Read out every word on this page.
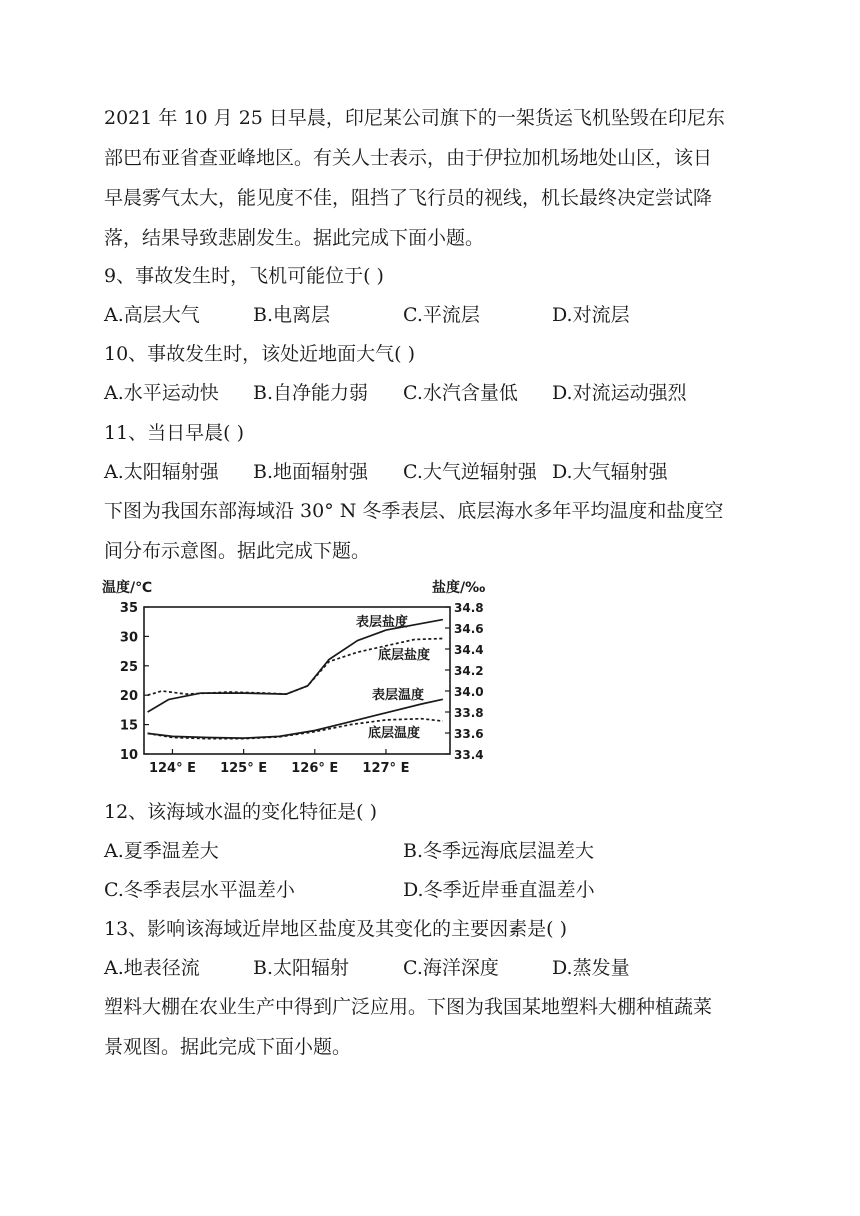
2021 年 10 月 25 日早晨，印尼某公司旗下的一架货运飞机坠毁在印尼东
部巴布亚省查亚峰地区。有关人士表示，由于伊拉加机场地处山区，该日
早晨雾气太大，能见度不佳，阻挡了飞行员的视线，机长最终决定尝试降
落，结果导致悲剧发生。据此完成下面小题。
9、事故发生时，飞机可能位于( )
A.高层大气	B.电离层	C.平流层	D.对流层
10、事故发生时，该处近地面大气( )
A.水平运动快 B.自净能力弱 C.水汽含量低 D.对流运动强烈
11、当日早晨( )
A.太阳辐射强 B.地面辐射强 C.大气逆辐射强 D.大气辐射强
下图为我国东部海域沿 30° N 冬季表层、底层海水多年平均温度和盐度空
间分布示意图。据此完成下题。
温度/℃	盐度/‰
35
30
25
20
15
10
34.8
34.6
34.4
34.2
34.0
33.8
33.6
33.4
124° E 125° E 126° E 127° E
表层盐度
底层盐度
表层温度
底层温度
12、该海域水温的变化特征是( )
A.夏季温差大	B.冬季远海底层温差大
C.冬季表层水平温差小	D.冬季近岸垂直温差小
13、影响该海域近岸地区盐度及其变化的主要因素是( )
A.地表径流	B.太阳辐射	C.海洋深度	D.蒸发量
塑料大棚在农业生产中得到广泛应用。下图为我国某地塑料大棚种植蔬菜
景观图。据此完成下面小题。
